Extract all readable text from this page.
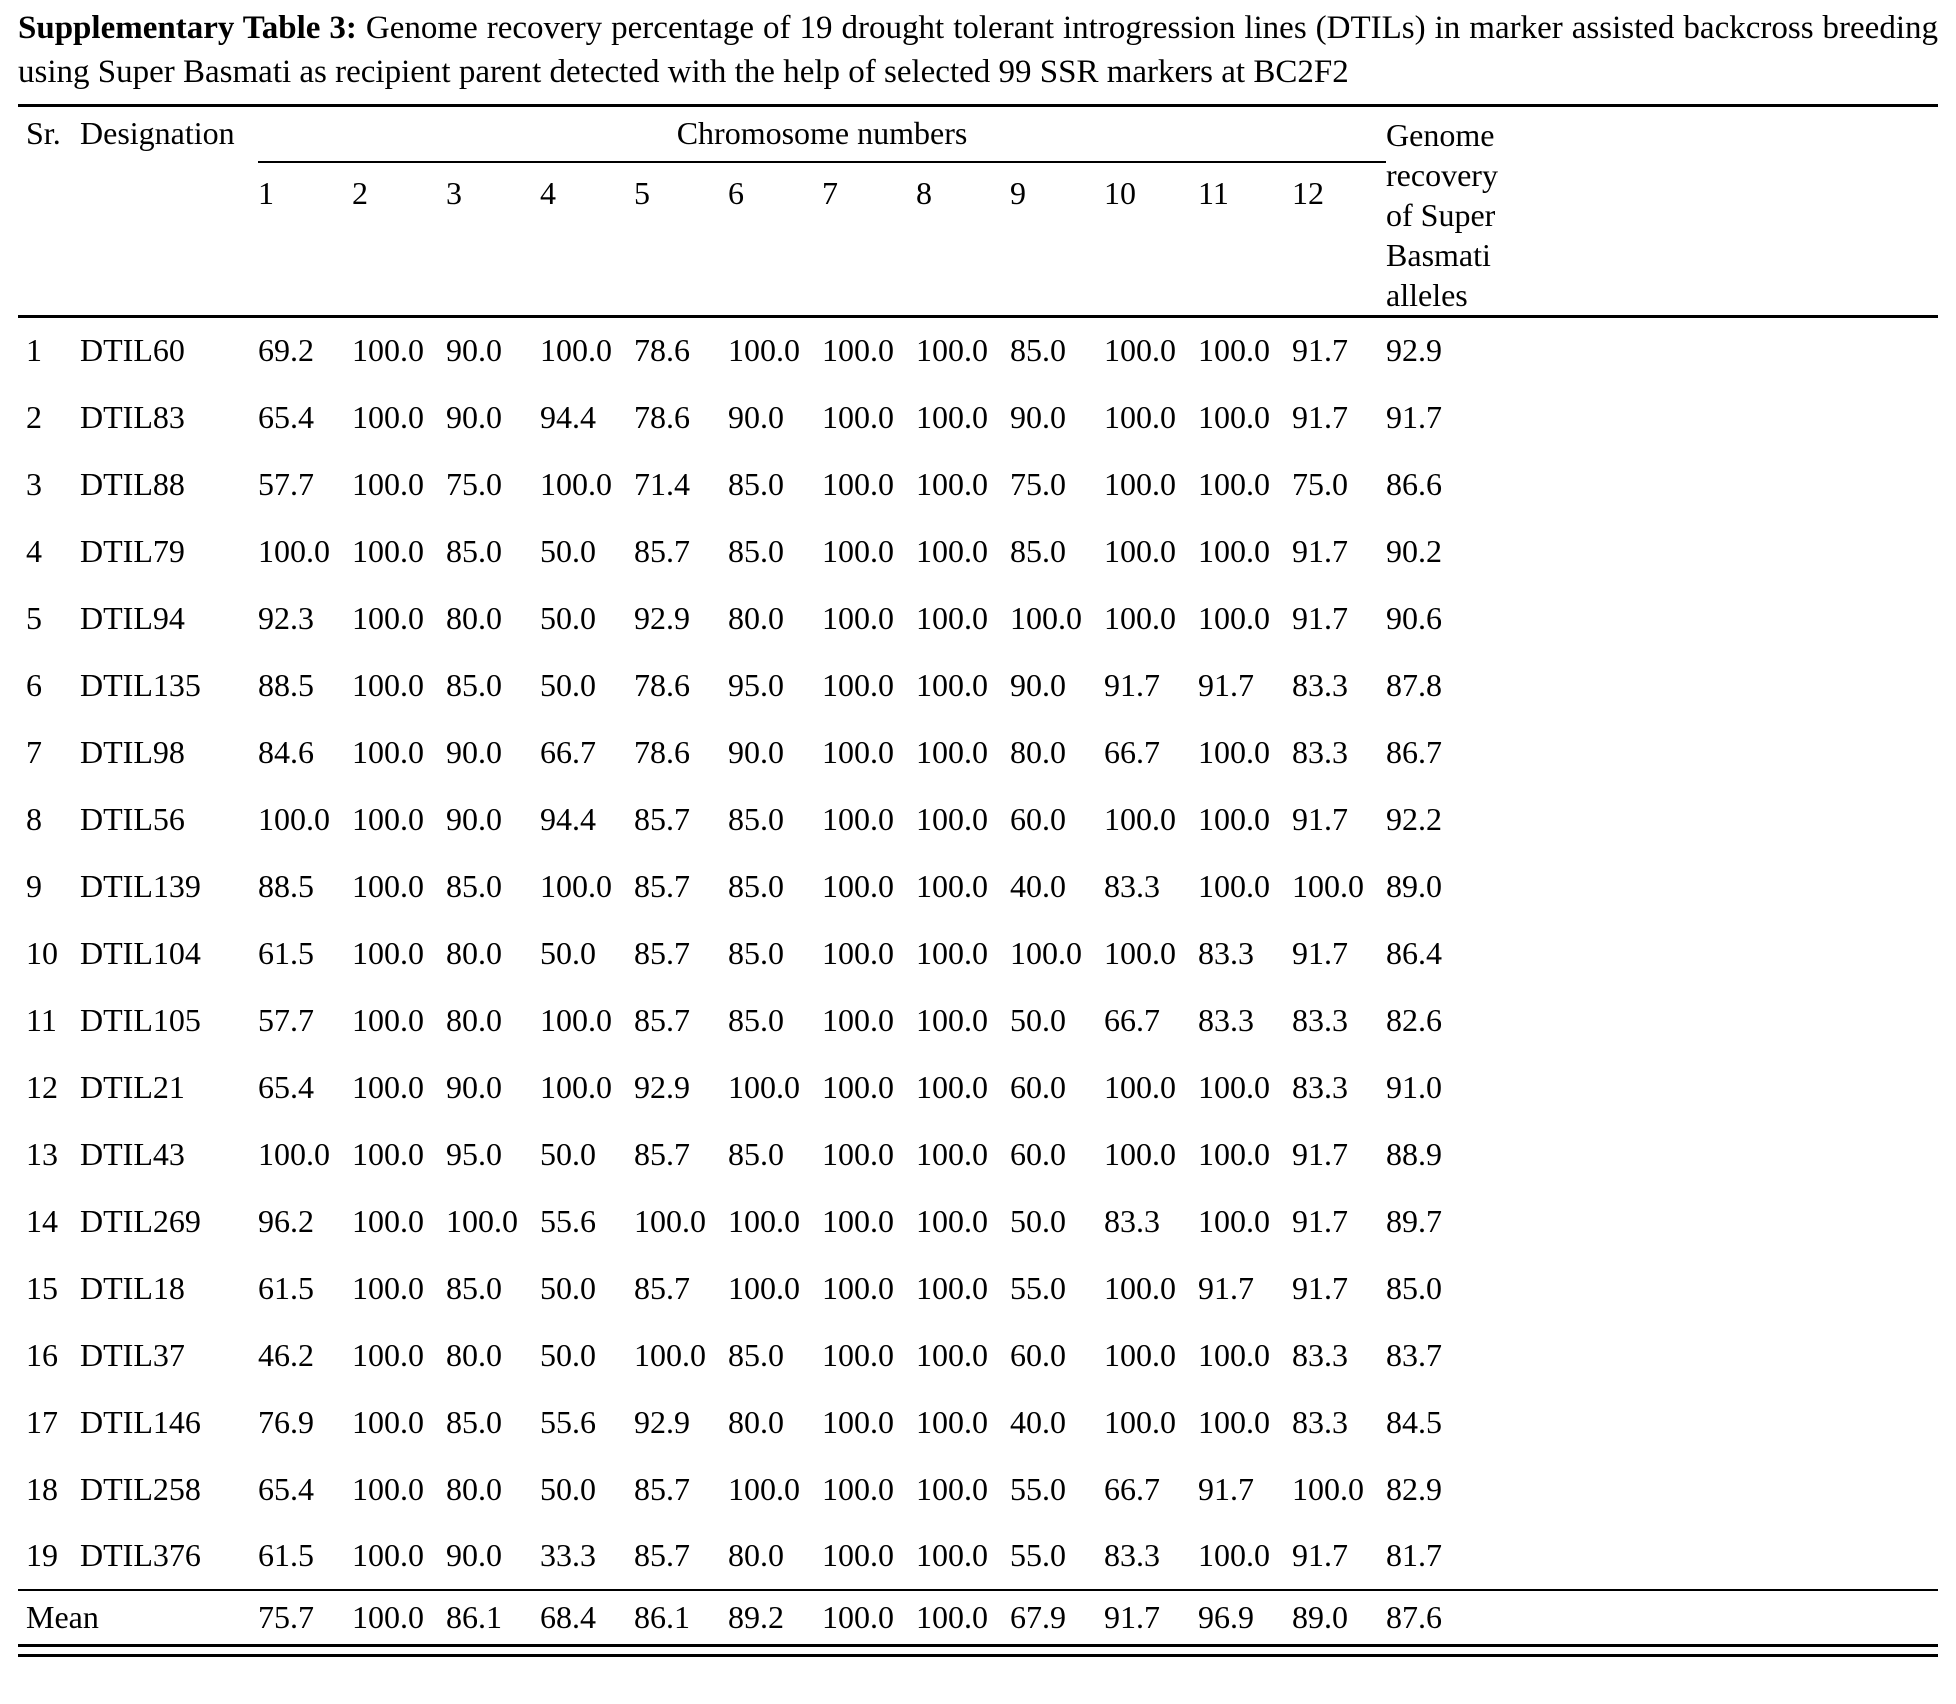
Supplementary Table 3: Genome recovery percentage of 19 drought tolerant introgression lines (DTILs) in marker assisted backcross breeding using Super Basmati as recipient parent detected with the help of selected 99 SSR markers at BC2F2

Sr.	Designation	Chromosome numbers												Genome recovery of Super Basmati alleles
		1	2	3	4	5	6	7	8	9	10	11	12	
1	DTIL60	69.2	100.0	90.0	100.0	78.6	100.0	100.0	100.0	85.0	100.0	100.0	91.7	92.9
2	DTIL83	65.4	100.0	90.0	94.4	78.6	90.0	100.0	100.0	90.0	100.0	100.0	91.7	91.7
3	DTIL88	57.7	100.0	75.0	100.0	71.4	85.0	100.0	100.0	75.0	100.0	100.0	75.0	86.6
4	DTIL79	100.0	100.0	85.0	50.0	85.7	85.0	100.0	100.0	85.0	100.0	100.0	91.7	90.2
5	DTIL94	92.3	100.0	80.0	50.0	92.9	80.0	100.0	100.0	100.0	100.0	100.0	91.7	90.6
6	DTIL135	88.5	100.0	85.0	50.0	78.6	95.0	100.0	100.0	90.0	91.7	91.7	83.3	87.8
7	DTIL98	84.6	100.0	90.0	66.7	78.6	90.0	100.0	100.0	80.0	66.7	100.0	83.3	86.7
8	DTIL56	100.0	100.0	90.0	94.4	85.7	85.0	100.0	100.0	60.0	100.0	100.0	91.7	92.2
9	DTIL139	88.5	100.0	85.0	100.0	85.7	85.0	100.0	100.0	40.0	83.3	100.0	100.0	89.0
10	DTIL104	61.5	100.0	80.0	50.0	85.7	85.0	100.0	100.0	100.0	100.0	83.3	91.7	86.4
11	DTIL105	57.7	100.0	80.0	100.0	85.7	85.0	100.0	100.0	50.0	66.7	83.3	83.3	82.6
12	DTIL21	65.4	100.0	90.0	100.0	92.9	100.0	100.0	100.0	60.0	100.0	100.0	83.3	91.0
13	DTIL43	100.0	100.0	95.0	50.0	85.7	85.0	100.0	100.0	60.0	100.0	100.0	91.7	88.9
14	DTIL269	96.2	100.0	100.0	55.6	100.0	100.0	100.0	100.0	50.0	83.3	100.0	91.7	89.7
15	DTIL18	61.5	100.0	85.0	50.0	85.7	100.0	100.0	100.0	55.0	100.0	91.7	91.7	85.0
16	DTIL37	46.2	100.0	80.0	50.0	100.0	85.0	100.0	100.0	60.0	100.0	100.0	83.3	83.7
17	DTIL146	76.9	100.0	85.0	55.6	92.9	80.0	100.0	100.0	40.0	100.0	100.0	83.3	84.5
18	DTIL258	65.4	100.0	80.0	50.0	85.7	100.0	100.0	100.0	55.0	66.7	91.7	100.0	82.9
19	DTIL376	61.5	100.0	90.0	33.3	85.7	80.0	100.0	100.0	55.0	83.3	100.0	91.7	81.7
Mean		75.7	100.0	86.1	68.4	86.1	89.2	100.0	100.0	67.9	91.7	96.9	89.0	87.6
